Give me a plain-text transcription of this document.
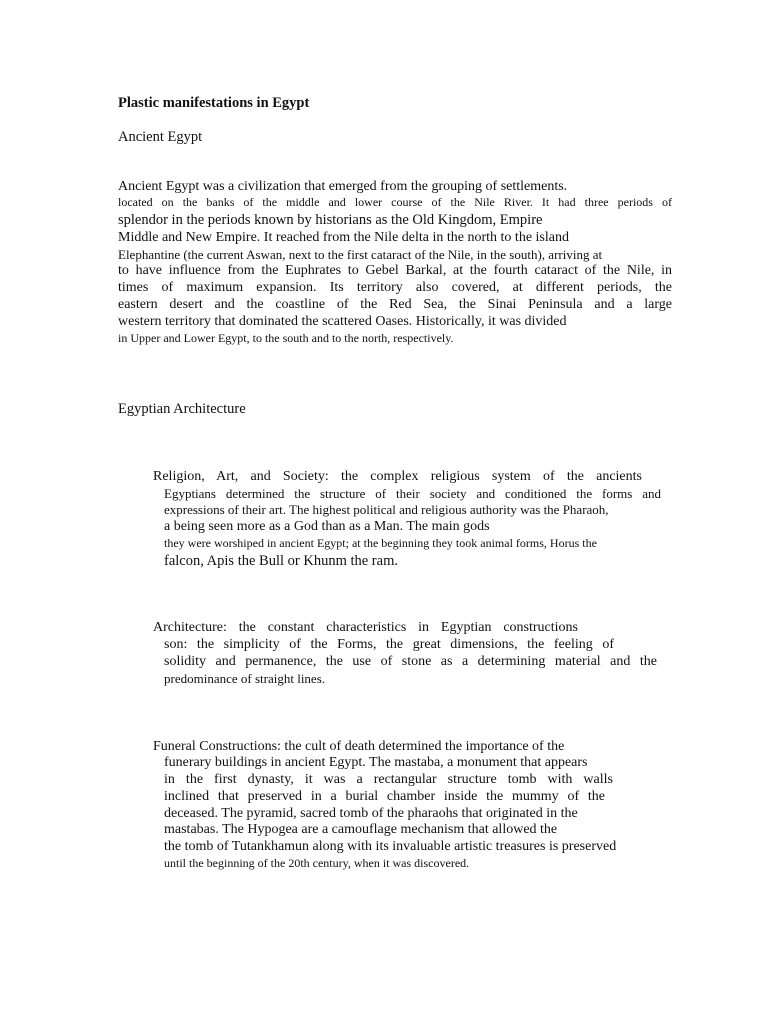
Plastic manifestations in Egypt
Ancient Egypt
Ancient Egypt was a civilization that emerged from the grouping of settlements.
located on the banks of the middle and lower course of the Nile River. It had three periods of
splendor in the periods known by historians as the Old Kingdom, Empire
Middle and New Empire. It reached from the Nile delta in the north to the island
Elephantine (the current Aswan, next to the first cataract of the Nile, in the south), arriving at
to have influence from the Euphrates to Gebel Barkal, at the fourth cataract of the Nile, in
times of maximum expansion. Its territory also covered, at different periods, the
eastern desert and the coastline of the Red Sea, the Sinai Peninsula and a large
western territory that dominated the scattered Oases. Historically, it was divided
in Upper and Lower Egypt, to the south and to the north, respectively.
Egyptian Architecture
Religion, Art, and Society: the complex religious system of the ancients
Egyptians determined the structure of their society and conditioned the forms and
expressions of their art. The highest political and religious authority was the Pharaoh,
a being seen more as a God than as a Man. The main gods
they were worshiped in ancient Egypt; at the beginning they took animal forms, Horus the
falcon, Apis the Bull or Khunm the ram.
Architecture: the constant characteristics in Egyptian constructions
son: the simplicity of the Forms, the great dimensions, the feeling of
solidity and permanence, the use of stone as a determining material and the
predominance of straight lines.
Funeral Constructions: the cult of death determined the importance of the
funerary buildings in ancient Egypt. The mastaba, a monument that appears
in the first dynasty, it was a rectangular structure tomb with walls
inclined that preserved in a burial chamber inside the mummy of the
deceased. The pyramid, sacred tomb of the pharaohs that originated in the
mastabas. The Hypogea are a camouflage mechanism that allowed the
the tomb of Tutankhamun along with its invaluable artistic treasures is preserved
until the beginning of the 20th century, when it was discovered.
